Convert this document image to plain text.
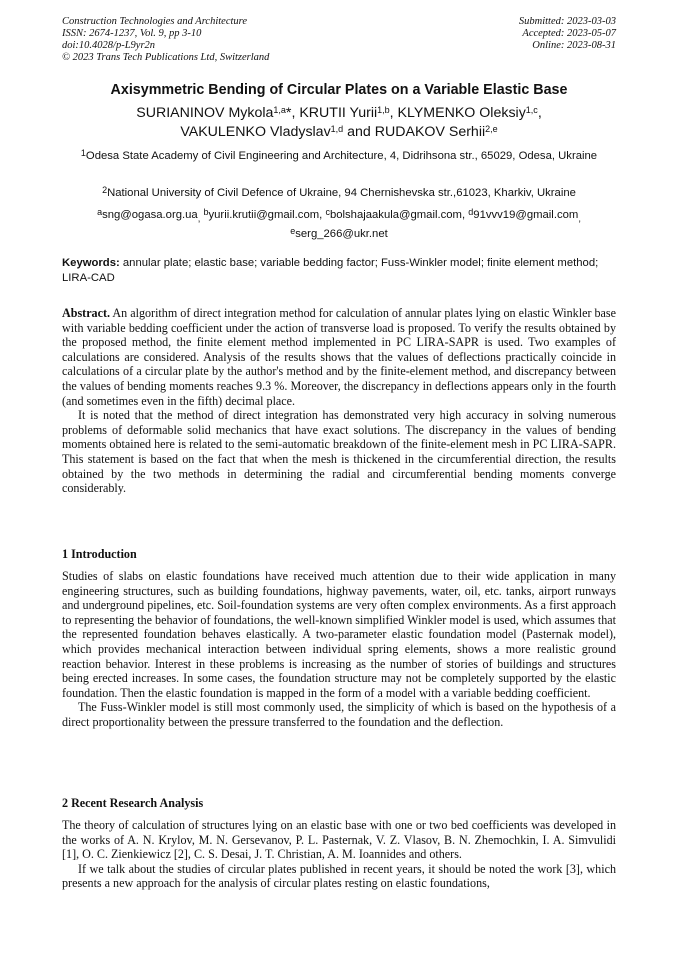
Construction Technologies and Architecture
ISSN: 2674-1237, Vol. 9, pp 3-10
doi:10.4028/p-L9yr2n
© 2023 Trans Tech Publications Ltd, Switzerland
Submitted: 2023-03-03
Accepted: 2023-05-07
Online: 2023-08-31
Axisymmetric Bending of Circular Plates on a Variable Elastic Base
SURIANINOV Mykola$^{1,a}$*, KRUTII Yurii$^{1,b}$, KLYMENKO Oleksiy$^{1,c}$,
VAKULENKO Vladyslav$^{1,d}$ and RUDAKOV Serhii$^{2,e}$
$^1$Odesa State Academy of Civil Engineering and Architecture, 4, Didrihsona str., 65029, Odesa, Ukraine
$^2$National University of Civil Defence of Ukraine, 94 Chernishevska str.,61023, Kharkiv, Ukraine
$^asng@ogasa.org.ua_,$ $^b$yurii.krutii@gmail.com, $^c$bolshajaakula@gmail.com, $^d$91vvv19@gmail.com$_,$
$^e$serg_266@ukr.net
Keywords: annular plate; elastic base; variable bedding factor; Fuss-Winkler model; finite element method; LIRA-CAD

Abstract. An algorithm of direct integration method for calculation of annular plates lying on elastic Winkler base with variable bedding coefficient under the action of transverse load is proposed. To verify the results obtained by the proposed method, the finite element method implemented in PC LIRA-SAPR is used. Two examples of calculations are considered. Analysis of the results shows that the values of deflections practically coincide in calculations of a circular plate by the author's method and by the finite-element method, and discrepancy between the values of bending moments reaches 9.3 %. Moreover, the discrepancy in deflections appears only in the fourth (and sometimes even in the fifth) decimal place.

It is noted that the method of direct integration has demonstrated very high accuracy in solving numerous problems of deformable solid mechanics that have exact solutions. The discrepancy in the values of bending moments obtained here is related to the semi-automatic breakdown of the finite-element mesh in PC LIRA-SAPR. This statement is based on the fact that when the mesh is thickened in the circumferential direction, the results obtained by the two methods in determining the radial and circumferential bending moments converge considerably.

1 Introduction

Studies of slabs on elastic foundations have received much attention due to their wide application in many engineering structures, such as building foundations, highway pavements, water, oil, etc. tanks, airport runways and underground pipelines, etc. Soil-foundation systems are very often complex environments. As a first approach to representing the behavior of foundations, the well-known simplified Winkler model is used, which assumes that the represented foundation behaves elastically. A two-parameter elastic foundation model (Pasternak model), which provides mechanical interaction between individual spring elements, shows a more realistic ground reaction behavior. Interest in these problems is increasing as the number of stories of buildings and structures being erected increases. In some cases, the foundation structure may not be completely supported by the elastic foundation. Then the elastic foundation is mapped in the form of a model with a variable bedding coefficient.

The Fuss-Winkler model is still most commonly used, the simplicity of which is based on the hypothesis of a direct proportionality between the pressure transferred to the foundation and the deflection.

2 Recent Research Analysis

The theory of calculation of structures lying on an elastic base with one or two bed coefficients was developed in the works of A. N. Krylov, M. N. Gersevanov, P. L. Pasternak, V. Z. Vlasov, B. N. Zhemochkin, I. A. Simvulidi [1], O. C. Zienkiewicz [2], C. S. Desai, J. T. Christian, A. M. Ioannides and others.

If we talk about the studies of circular plates published in recent years, it should be noted the work [3], which presents a new approach for the analysis of circular plates resting on elastic foundations,
